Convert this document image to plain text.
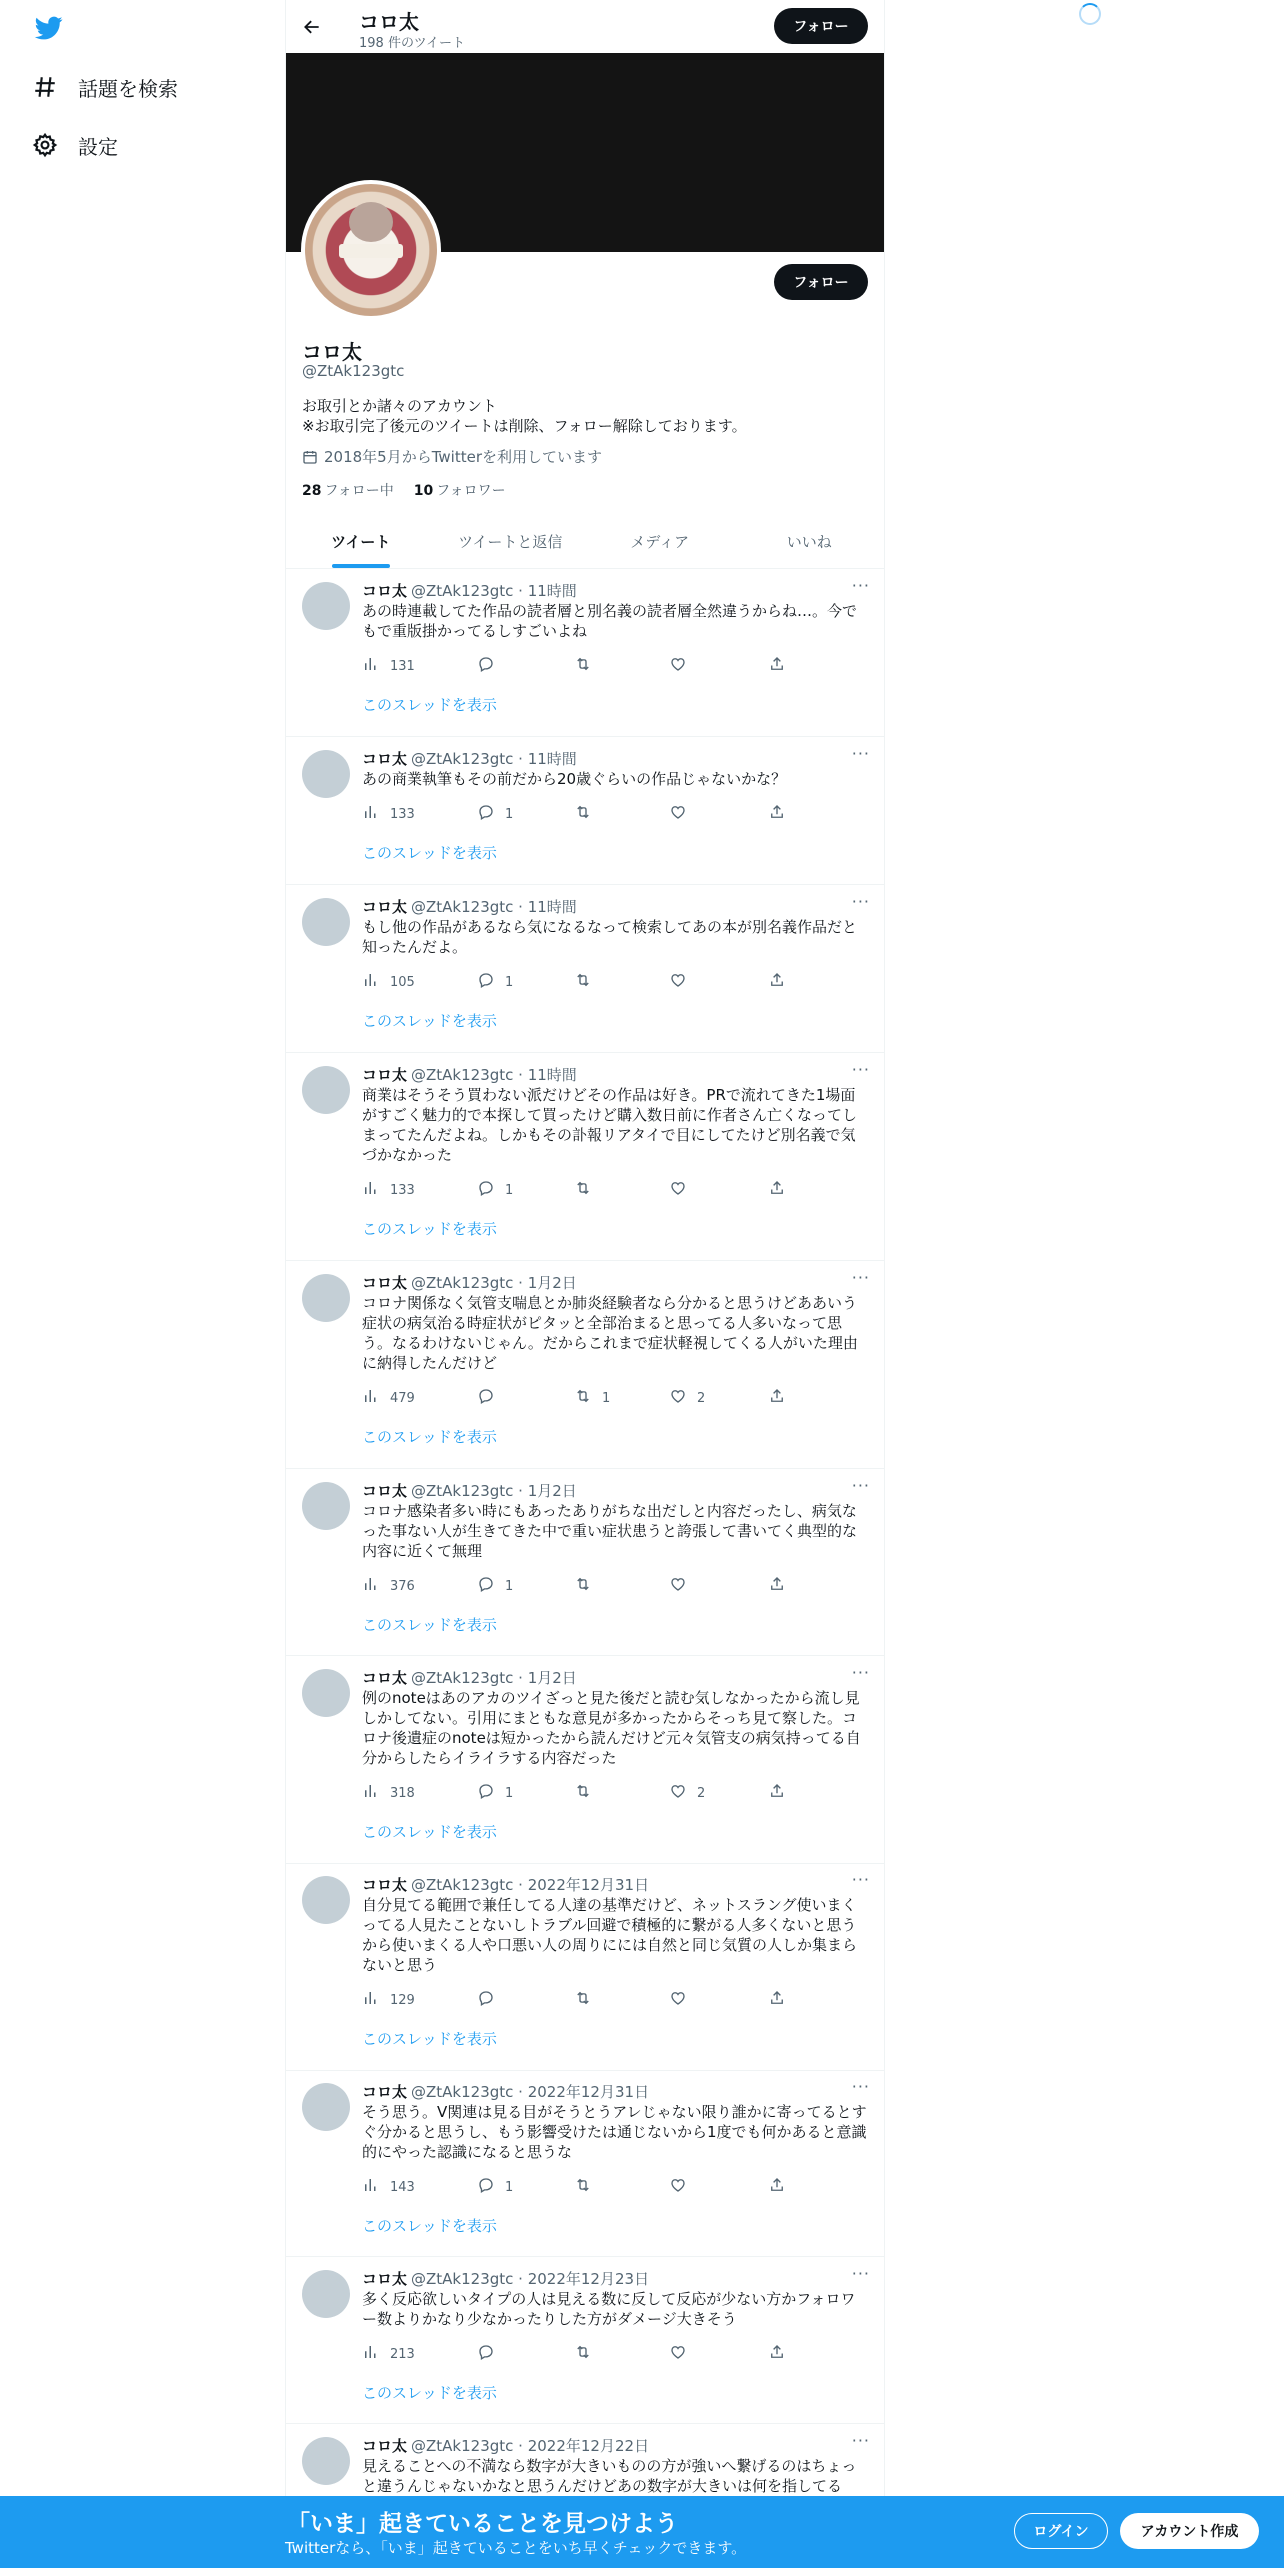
話題を検索
設定
コロ太
198 件のツイート
フォロー
フォロー
コロ太
@ZtAk123gtc
お取引とか諸々のアカウント
※お取引完了後元のツイートは削除、フォロー解除しております。
2018年5月からTwitterを利用しています
28 フォロー中 10 フォロワー
ツイート	ツイートと返信	メディア	いいね
コロ太 @ZtAk123gtc · 11時間	···
あの時連載してた作品の読者層と別名義の読者層全然違うからね…。今でもで重版掛かってるしすごいよね
131
このスレッドを表示
コロ太 @ZtAk123gtc · 11時間	···
あの商業執筆もその前だから20歳ぐらいの作品じゃないかな？
133	1
このスレッドを表示
コロ太 @ZtAk123gtc · 11時間	···
もし他の作品があるなら気になるなって検索してあの本が別名義作品だと知ったんだよ。
105	1
このスレッドを表示
コロ太 @ZtAk123gtc · 11時間	···
商業はそうそう買わない派だけどその作品は好き。PRで流れてきた1場面がすごく魅力的で本探して買ったけど購入数日前に作者さん亡くなってしまってたんだよね。しかもその訃報リアタイで目にしてたけど別名義で気づかなかった
133	1
このスレッドを表示
コロ太 @ZtAk123gtc · 1月2日	···
コロナ関係なく気管支喘息とか肺炎経験者なら分かると思うけどああいう症状の病気治る時症状がピタッと全部治まると思ってる人多いなって思う。なるわけないじゃん。だからこれまで症状軽視してくる人がいた理由に納得したんだけど
479	1	2
このスレッドを表示
コロ太 @ZtAk123gtc · 1月2日	···
コロナ感染者多い時にもあったありがちな出だしと内容だったし、病気なった事ない人が生きてきた中で重い症状患うと誇張して書いてく典型的な内容に近くて無理
376	1
このスレッドを表示
コロ太 @ZtAk123gtc · 1月2日	···
例のnoteはあのアカのツイざっと見た後だと読む気しなかったから流し見しかしてない。引用にまともな意見が多かったからそっち見て察した。コロナ後遺症のnoteは短かったから読んだけど元々気管支の病気持ってる自分からしたらイライラする内容だった
318	1	2
このスレッドを表示
コロ太 @ZtAk123gtc · 2022年12月31日	···
自分見てる範囲で兼任してる人達の基準だけど、ネットスラング使いまくってる人見たことないしトラブル回避で積極的に繋がる人多くないと思うから使いまくる人や口悪い人の周りにには自然と同じ気質の人しか集まらないと思う
129
このスレッドを表示
コロ太 @ZtAk123gtc · 2022年12月31日	···
そう思う。V関連は見る目がそうとうアレじゃない限り誰かに寄ってるとすぐ分かると思うし、もう影響受けたは通じないから1度でも何かあると意識的にやった認識になると思うな
143	1
このスレッドを表示
コロ太 @ZtAk123gtc · 2022年12月23日	···
多く反応欲しいタイプの人は見える数に反して反応が少ない方かフォロワー数よりかなり少なかったりした方がダメージ大きそう
213
このスレッドを表示
コロ太 @ZtAk123gtc · 2022年12月22日	···
見えることへの不満なら数字が大きいものの方が強いへ繋げるのはちょっと違うんじゃないかなと思うんだけどあの数字が大きいは何を指してる
「いま」起きていることを見つけよう
Twitterなら、「いま」起きていることをいち早くチェックできます。
ログイン	アカウント作成
